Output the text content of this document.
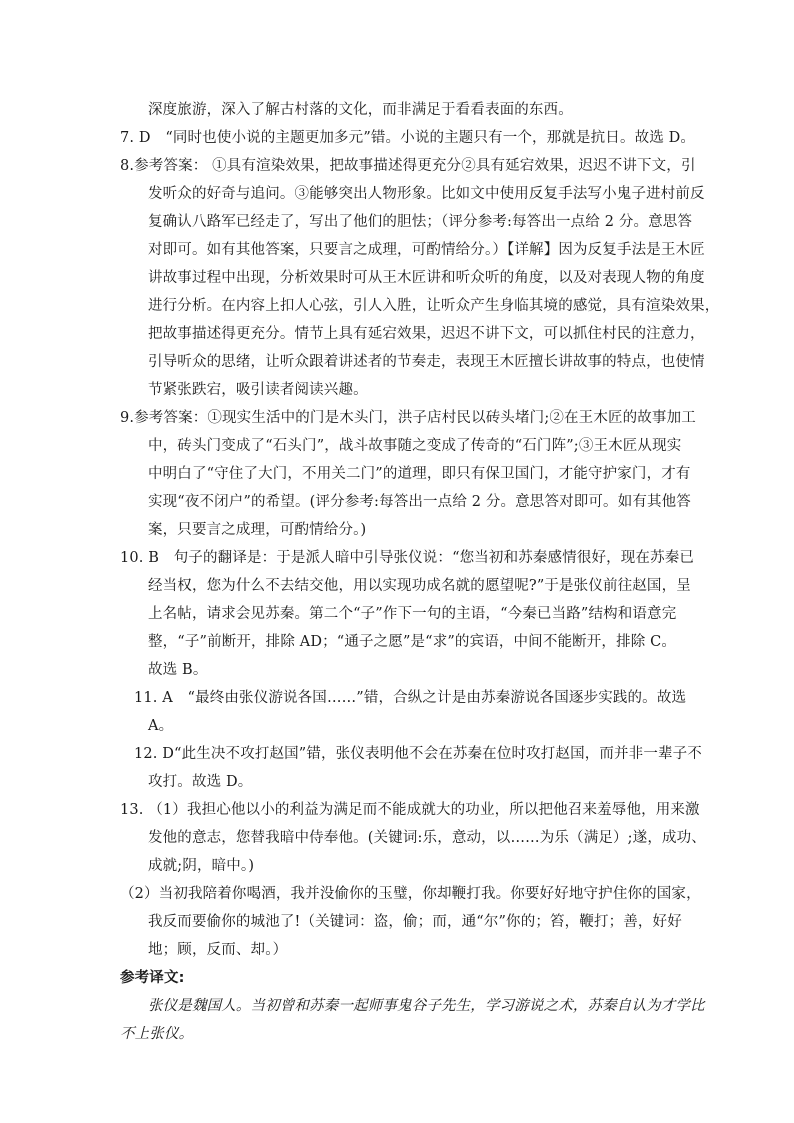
深度旅游，深入了解古村落的文化，而非满足于看看表面的东西。
7. D　“同时也使小说的主题更加多元”错。小说的主题只有一个，那就是抗日。故选 D。
8.参考答案： ①具有渲染效果，把故事描述得更充分②具有延宕效果，迟迟不讲下文，引
发听众的好奇与追问。③能够突出人物形象。比如文中使用反复手法写小鬼子进村前反
复确认八路军已经走了，写出了他们的胆怯；（评分参考:每答出一点给 2 分。意思答
对即可。如有其他答案，只要言之成理，可酌情给分。）【详解】因为反复手法是王木匠
讲故事过程中出现，分析效果时可从王木匠讲和听众听的角度，以及对表现人物的角度
进行分析。在内容上扣人心弦，引人入胜，让听众产生身临其境的感觉，具有渲染效果，
把故事描述得更充分。情节上具有延宕效果，迟迟不讲下文，可以抓住村民的注意力，
引导听众的思绪，让听众跟着讲述者的节奏走，表现王木匠擅长讲故事的特点，也使情
节紧张跌宕，吸引读者阅读兴趣。
9.参考答案：①现实生活中的门是木头门，洪子店村民以砖头堵门;②在王木匠的故事加工
中，砖头门变成了“石头门”，战斗故事随之变成了传奇的“石门阵”;③王木匠从现实
中明白了“守住了大门，不用关二门”的道理，即只有保卫国门，才能守护家门，才有
实现“夜不闭户”的希望。(评分参考:每答出一点给 2 分。意思答对即可。如有其他答
案，只要言之成理，可酌情给分。)
10. B　句子的翻译是：于是派人暗中引导张仪说：“您当初和苏秦感情很好，现在苏秦已
经当权，您为什么不去结交他，用以实现功成名就的愿望呢?”于是张仪前往赵国，呈
上名帖，请求会见苏秦。第二个“子”作下一句的主语，“今秦已当路”结构和语意完
整，“子”前断开，排除 AD；“通子之愿”是“求”的宾语，中间不能断开，排除 C。
故选 B。
11. A　“最终由张仪游说各国……”错，合纵之计是由苏秦游说各国逐步实践的。故选
A。
12. D“此生决不攻打赵国”错，张仪表明他不会在苏秦在位时攻打赵国，而并非一辈子不
攻打。故选 D。
13. （1）我担心他以小的利益为满足而不能成就大的功业，所以把他召来羞辱他，用来激
发他的意志，您替我暗中侍奉他。(关键词:乐，意动，以……为乐（满足）;遂，成功、
成就;阴，暗中。)
（2）当初我陪着你喝酒，我并没偷你的玉璧，你却鞭打我。你要好好地守护住你的国家，
我反而要偷你的城池了!（关键词：盗，偷；而，通“尔”你的；笞，鞭打；善，好好
地；顾，反而、却。）
参考译文:
张仪是魏国人。当初曾和苏秦一起师事鬼谷子先生，学习游说之术，苏秦自认为才学比
不上张仪。
